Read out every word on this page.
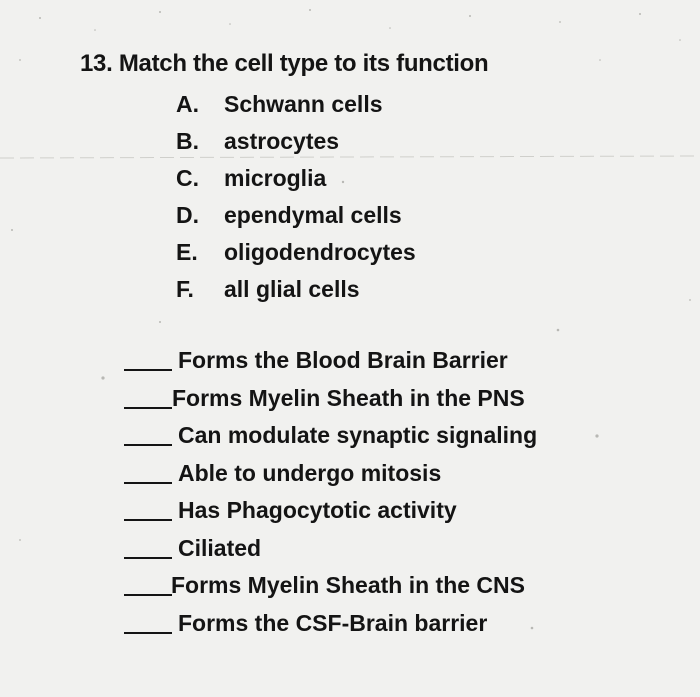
13. Match the cell type to its function
A.	Schwann cells
B.	astrocytes
C.	microglia
D.	ependymal cells
E.	oligodendrocytes
F.	all glial cells
Forms the Blood Brain Barrier
Forms Myelin Sheath in the PNS
Can modulate synaptic signaling
Able to undergo mitosis
Has Phagocytotic activity
Ciliated
Forms Myelin Sheath in the CNS
Forms the CSF-Brain barrier
